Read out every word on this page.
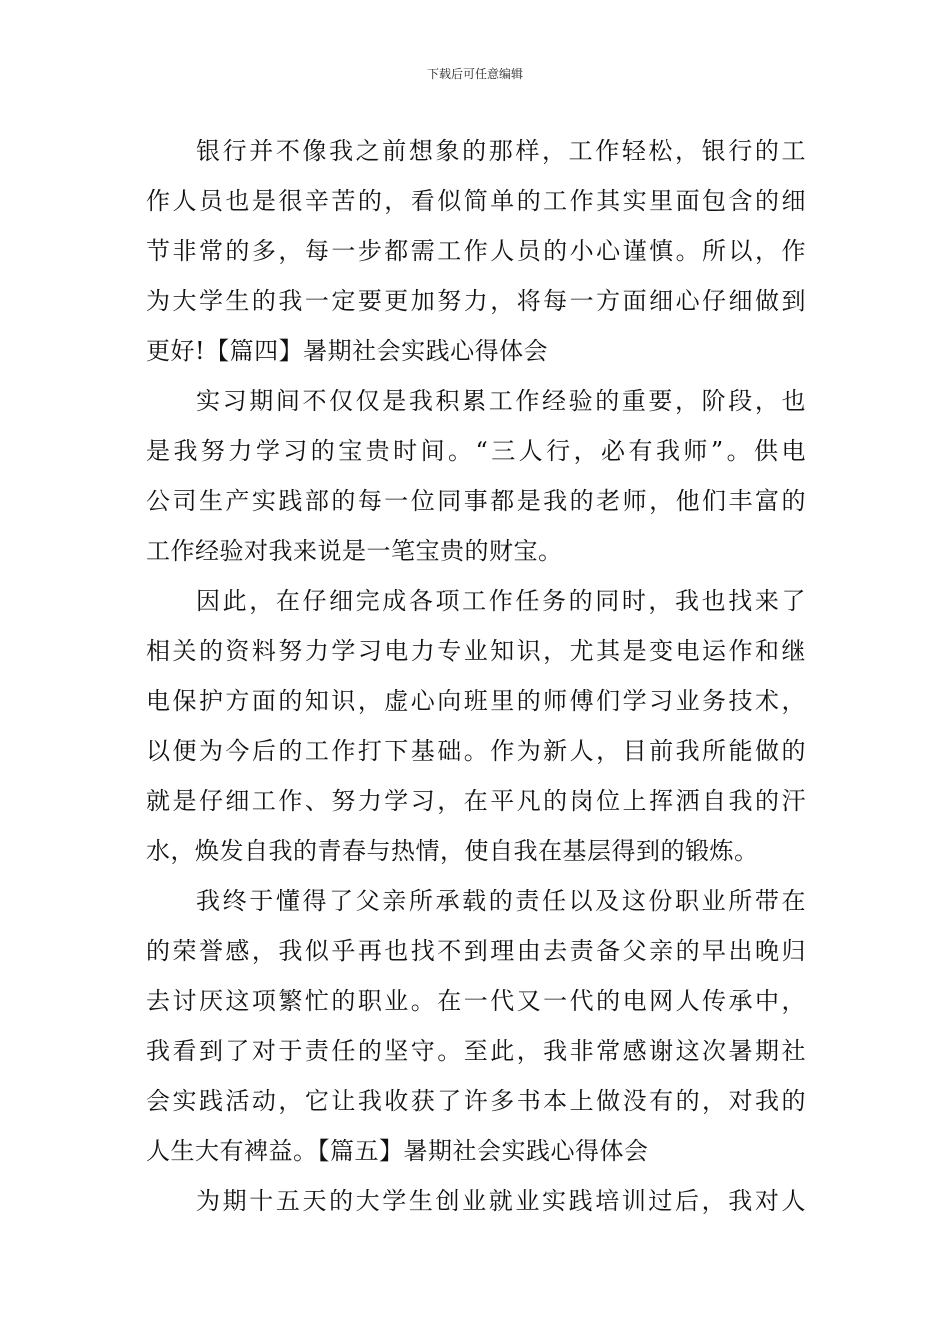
下载后可任意编辑
银行并不像我之前想象的那样，工作轻松，银行的工
作人员也是很辛苦的，看似简单的工作其实里面包含的细
节非常的多，每一步都需工作人员的小心谨慎。所以，作
为大学生的我一定要更加努力，将每一方面细心仔细做到
更好!【篇四】暑期社会实践心得体会
实习期间不仅仅是我积累工作经验的重要，阶段，也
是我努力学习的宝贵时间。“三人行，必有我师”。供电
公司生产实践部的每一位同事都是我的老师，他们丰富的
工作经验对我来说是一笔宝贵的财宝。
因此，在仔细完成各项工作任务的同时，我也找来了
相关的资料努力学习电力专业知识，尤其是变电运作和继
电保护方面的知识，虚心向班里的师傅们学习业务技术，
以便为今后的工作打下基础。作为新人，目前我所能做的
就是仔细工作、努力学习，在平凡的岗位上挥洒自我的汗
水，焕发自我的青春与热情，使自我在基层得到的锻炼。
我终于懂得了父亲所承载的责任以及这份职业所带在
的荣誉感，我似乎再也找不到理由去责备父亲的早出晚归
去讨厌这项繁忙的职业。在一代又一代的电网人传承中，
我看到了对于责任的坚守。至此，我非常感谢这次暑期社
会实践活动，它让我收获了许多书本上做没有的，对我的
人生大有裨益。【篇五】暑期社会实践心得体会
为期十五天的大学生创业就业实践培训过后，我对人
